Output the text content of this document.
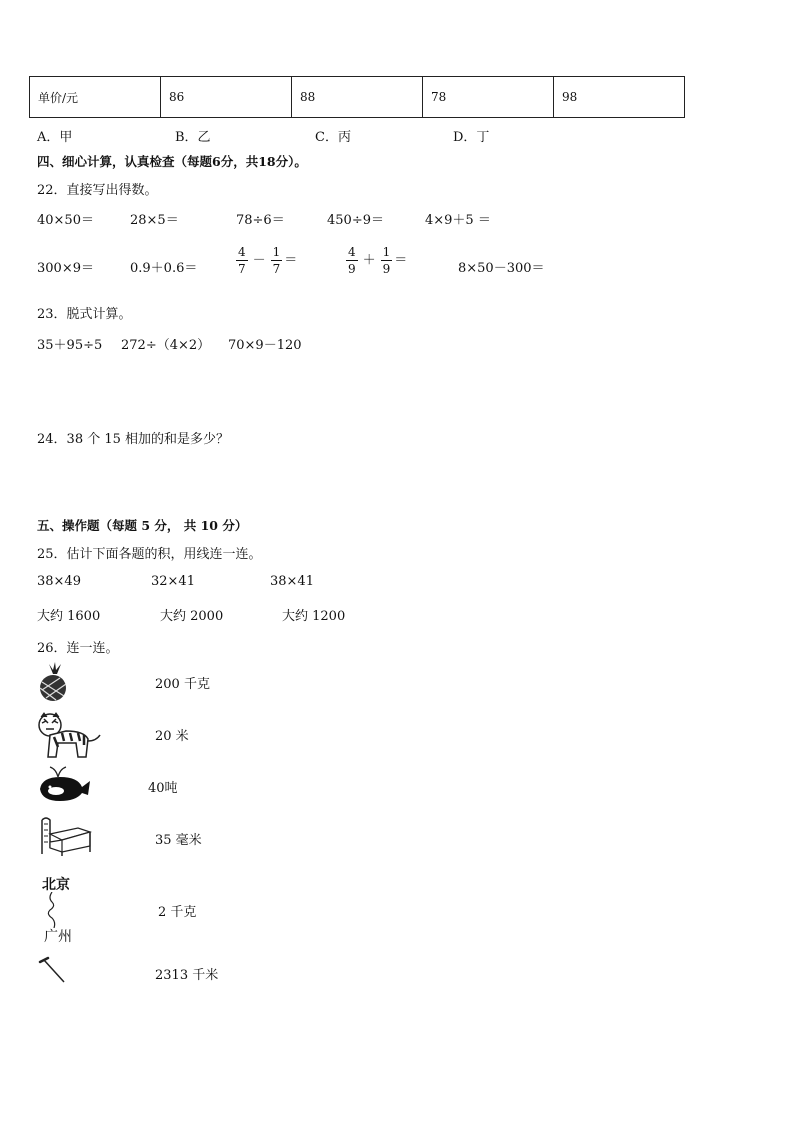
单价/元	86	88	78	98
A．甲	B．乙	C．丙	D．丁
四、细心计算，认真检查（每题6分，共18分）。
22．直接写出得数。
40×50＝	28×5＝	78÷6＝	450÷9＝	4×9＋5 ＝
300×9＝	0.9＋0.6＝	$\frac{4}{7} - \frac{1}{7}$ ＝	$\frac{4}{9} + \frac{1}{9}$ ＝
8×50－300＝
23．脱式计算。
35＋95÷5 272÷（4×2） 70×9－120
24．38 个 15 相加的和是多少？
五、操作题（每题 5 分， 共 10 分）
25．估计下面各题的积，用线连一连。
38×49	32×41	38×41
大约 1600	大约 2000	大约 1200
26．连一连。
200 千克
20 米
40吨
35 毫米
北京
广州
2 千克
2313 千米
